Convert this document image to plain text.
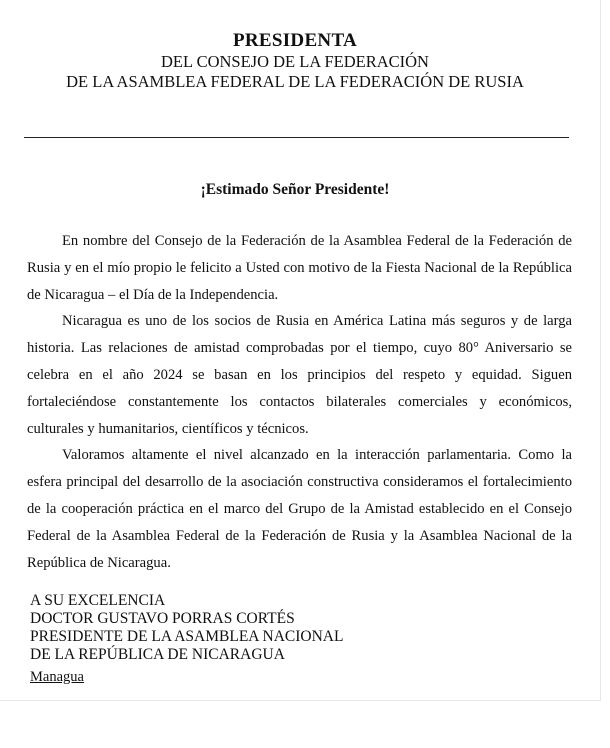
PRESIDENTA
DEL CONSEJO DE LA FEDERACIÓN
DE LA ASAMBLEA FEDERAL DE LA FEDERACIÓN DE RUSIA
¡Estimado Señor Presidente!

En nombre del Consejo de la Federación de la Asamblea Federal de la Federación de Rusia y en el mío propio le felicito a Usted con motivo de la Fiesta Nacional de la República de Nicaragua – el Día de la Independencia.

Nicaragua es uno de los socios de Rusia en América Latina más seguros y de larga historia. Las relaciones de amistad comprobadas por el tiempo, cuyo 80° Aniversario se celebra en el año 2024 se basan en los principios del respeto y equidad. Siguen fortaleciéndose constantemente los contactos bilaterales comerciales y económicos, culturales y humanitarios, científicos y técnicos.

Valoramos altamente el nivel alcanzado en la interacción parlamentaria. Como la esfera principal del desarrollo de la asociación constructiva consideramos el fortalecimiento de la cooperación práctica en el marco del Grupo de la Amistad establecido en el Consejo Federal de la Asamblea Federal de la Federación de Rusia y la Asamblea Nacional de la República de Nicaragua.

A SU EXCELENCIA
DOCTOR GUSTAVO PORRAS CORTÉS
PRESIDENTE DE LA ASAMBLEA NACIONAL
DE LA REPÚBLICA DE NICARAGUA
Managua
